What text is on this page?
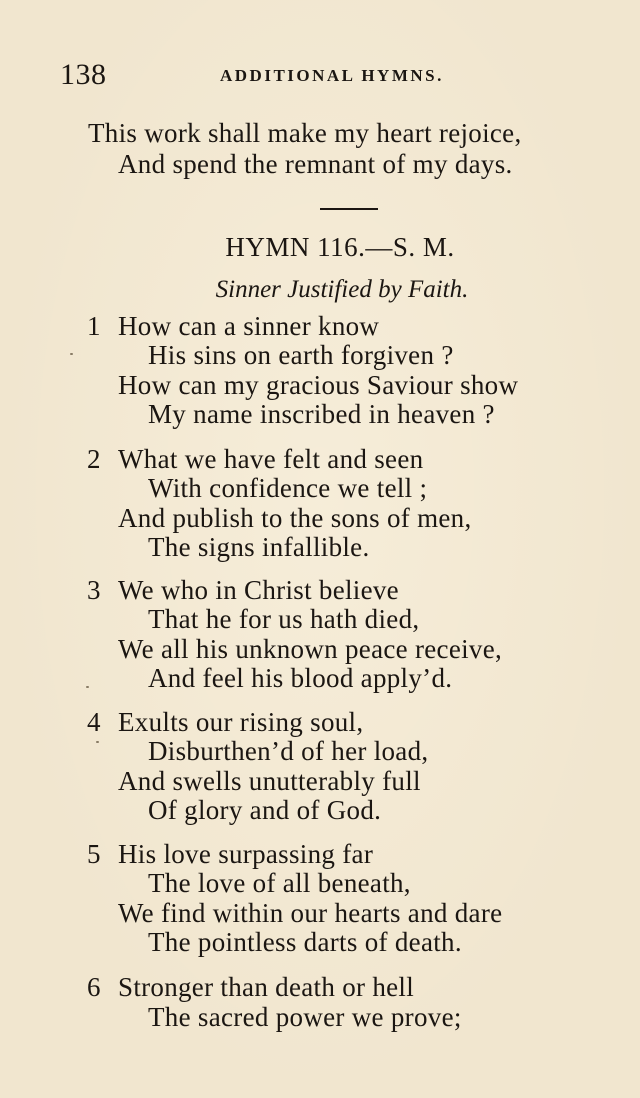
138	ADDITIONAL HYMNS.
This work shall make my heart rejoice,
And spend the remnant of my days.
HYMN 116.—S. M.
Sinner Justified by Faith.
1 How can a sinner know
His sins on earth forgiven ?
How can my gracious Saviour show
My name inscribed in heaven ?
2 What we have felt and seen
With confidence we tell ;
And publish to the sons of men,
The signs infallible.
3 We who in Christ believe
That he for us hath died,
We all his unknown peace receive,
And feel his blood apply’d.
4 Exults our rising soul,
Disburthen’d of her load,
And swells unutterably full
Of glory and of God.
5 His love surpassing far
The love of all beneath,
We find within our hearts and dare
The pointless darts of death.
6 Stronger than death or hell
The sacred power we prove;
